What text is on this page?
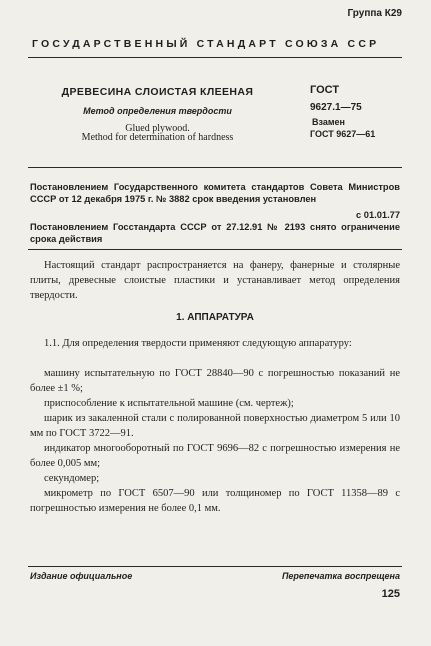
Группа К29
ГОСУДАРСТВЕННЫЙ СТАНДАРТ СОЮЗА ССР
ДРЕВЕСИНА СЛОИСТАЯ КЛЕЕНАЯ
Метод определения твердости
Glued plywood.
Method for determination of hardness
ГОСТ
9627.1—75
Взамен
ГОСТ 9627—61
Постановлением Государственного комитета стандартов Совета Министров СССР от 12 декабря 1975 г. № 3882 срок введения установлен
с 01.01.77
Постановлением Госстандарта СССР от 27.12.91 № 2193 снято ограничение срока действия
Настоящий стандарт распространяется на фанеру, фанерные и столярные плиты, древесные слоистые пластики и устанавливает метод определения твердости.
1. АППАРАТУРА
1.1. Для определения твердости применяют следующую аппаратуру:
машину испытательную по ГОСТ 28840—90 с погрешностью показаний не более ±1 %;
приспособление к испытательной машине (см. чертеж);
шарик из закаленной стали с полированной поверхностью диаметром 5 или 10 мм по ГОСТ 3722—91.
индикатор многооборотный по ГОСТ 9696—82 с погрешностью измерения не более 0,005 мм;
секундомер;
микрометр по ГОСТ 6507—90 или толщиномер по ГОСТ 11358—89 с погрешностью измерения не более 0,1 мм.
Издание официальное	Перепечатка воспрещена
125
